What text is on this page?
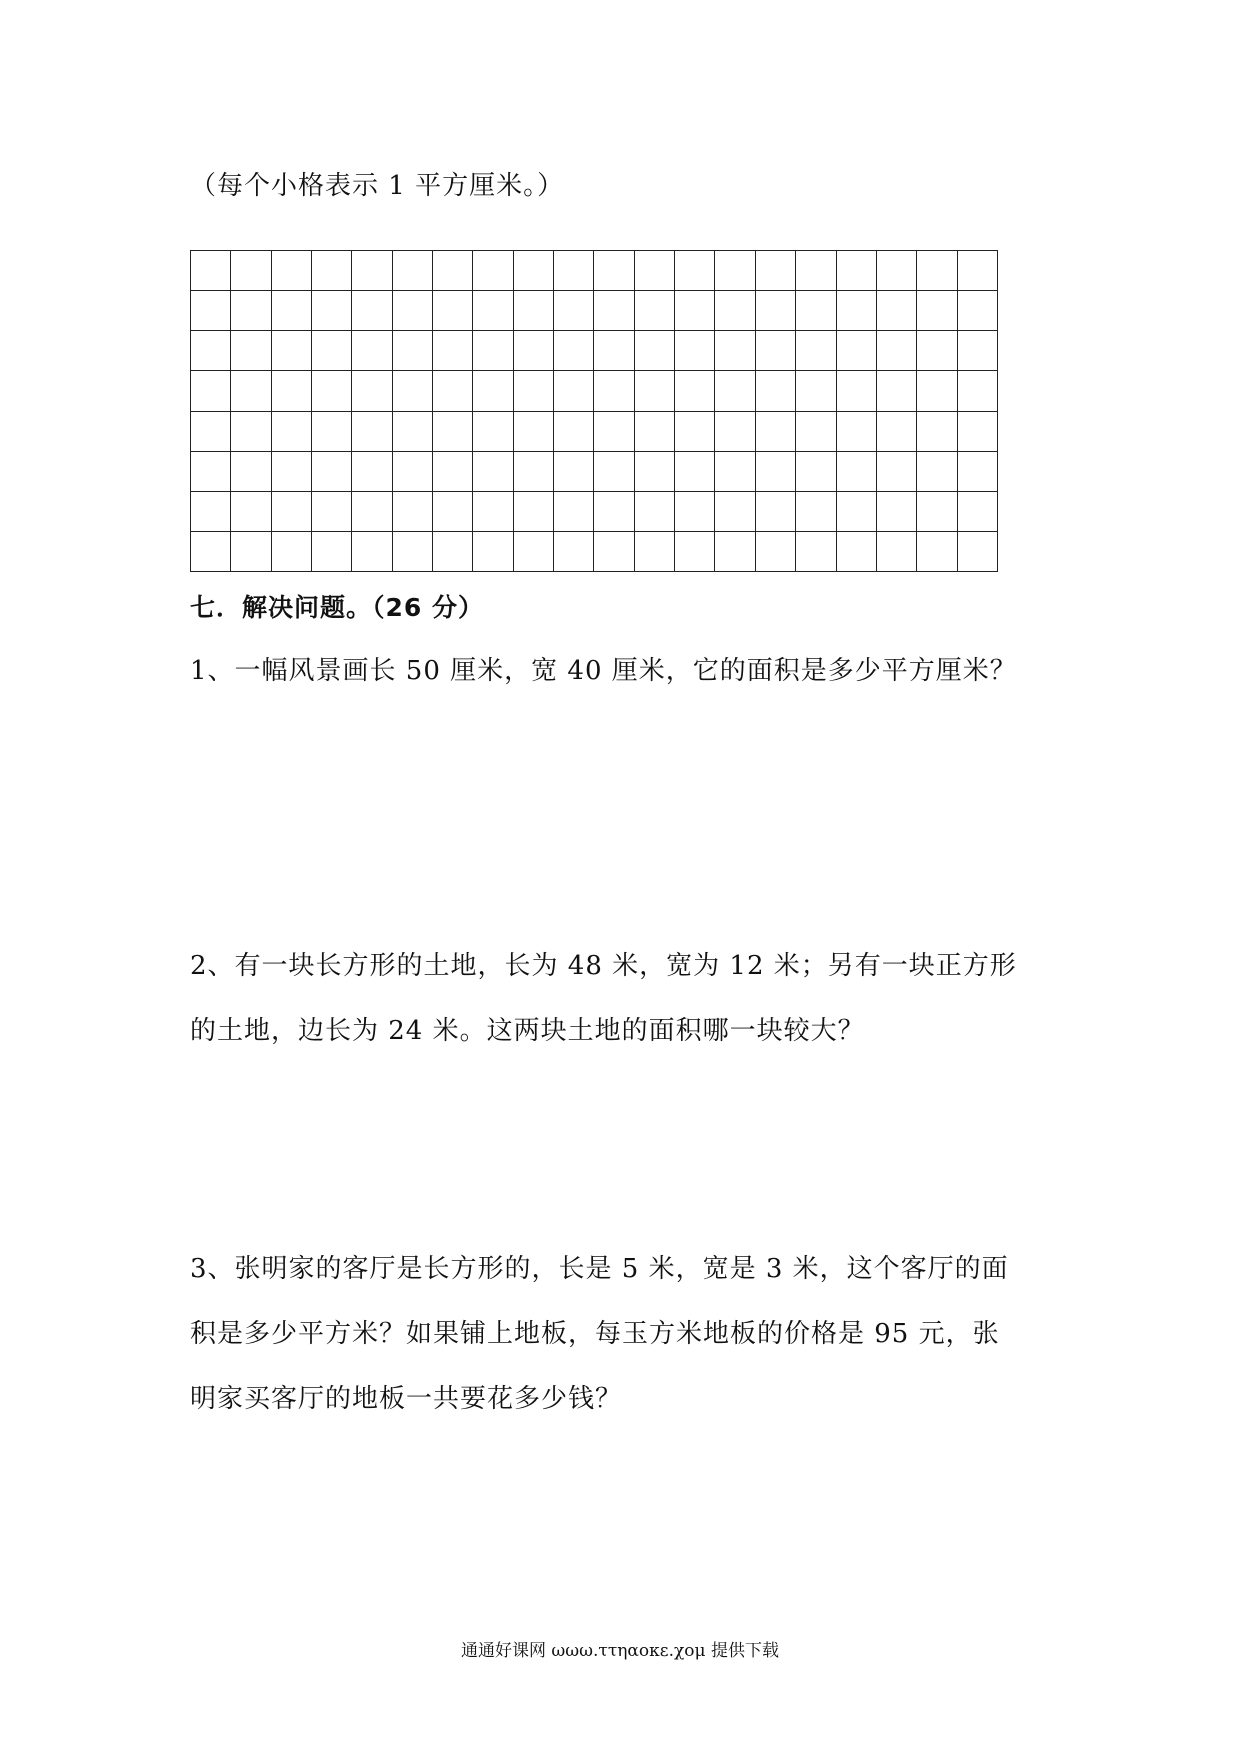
（每个小格表示 1 平方厘米。）

七．解决问题。（26 分）
1、一幅风景画长 50 厘米，宽 40 厘米，它的面积是多少平方厘米？
2、有一块长方形的土地，长为 48 米，宽为 12 米；另有一块正方形
的土地，边长为 24 米。这两块土地的面积哪一块较大？
3、张明家的客厅是长方形的，长是 5 米，宽是 3 米，这个客厅的面
积是多少平方米？如果铺上地板，每玉方米地板的价格是 95 元，张
明家买客厅的地板一共要花多少钱？
通通好课网 ωωω.ττηαοκε.χομ 提供下载
